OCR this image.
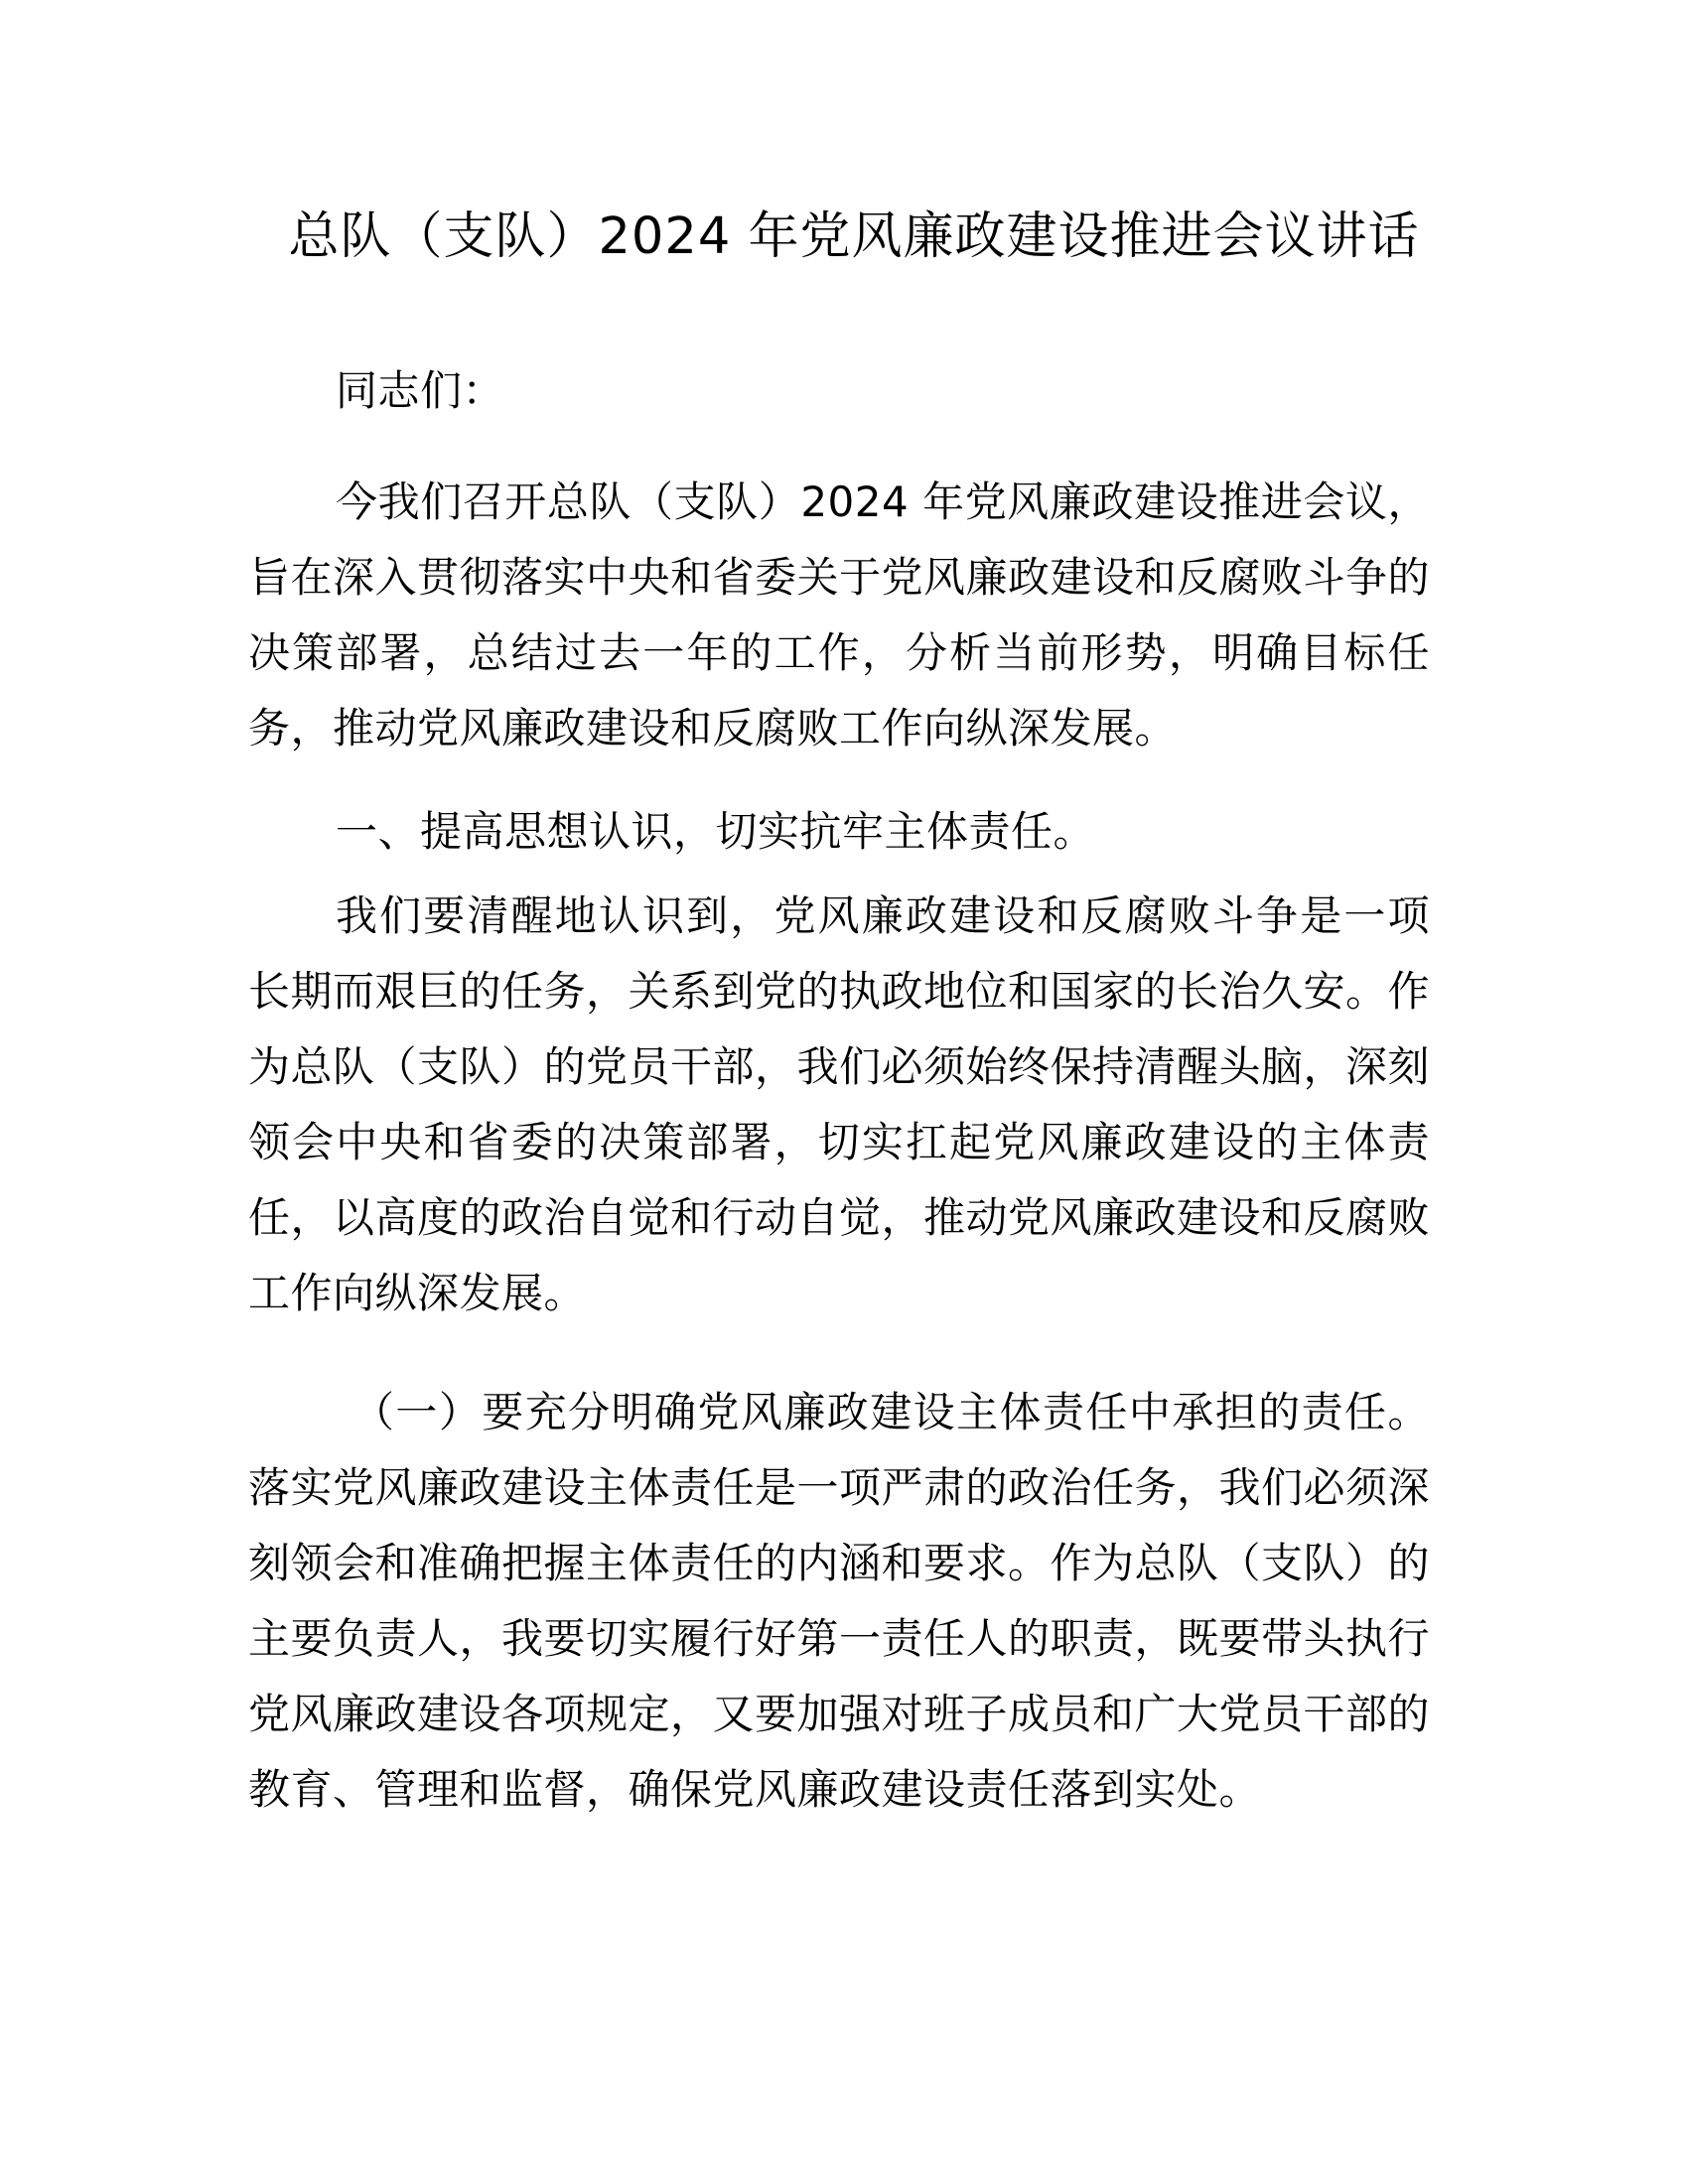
总队（支队）2024 年党风廉政建设推进会议讲话

同志们：

今我们召开总队（支队）2024 年党风廉政建设推进会议，旨在深入贯彻落实中央和省委关于党风廉政建设和反腐败斗争的决策部署，总结过去一年的工作，分析当前形势，明确目标任务，推动党风廉政建设和反腐败工作向纵深发展。

一、提高思想认识，切实抗牢主体责任。

我们要清醒地认识到，党风廉政建设和反腐败斗争是一项长期而艰巨的任务，关系到党的执政地位和国家的长治久安。作为总队（支队）的党员干部，我们必须始终保持清醒头脑，深刻领会中央和省委的决策部署，切实扛起党风廉政建设的主体责任，以高度的政治自觉和行动自觉，推动党风廉政建设和反腐败工作向纵深发展。

（一）要充分明确党风廉政建设主体责任中承担的责任。落实党风廉政建设主体责任是一项严肃的政治任务，我们必须深刻领会和准确把握主体责任的内涵和要求。作为总队（支队）的主要负责人，我要切实履行好第一责任人的职责，既要带头执行党风廉政建设各项规定，又要加强对班子成员和广大党员干部的教育、管理和监督，确保党风廉政建设责任落到实处。
